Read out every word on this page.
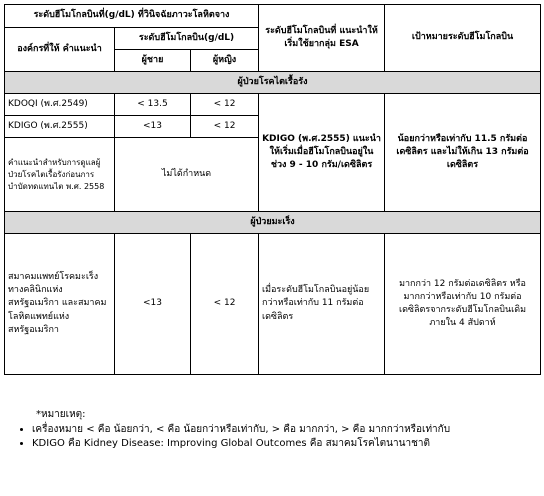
ระดับฮีโมโกลบินที่(g/dL) ที่วินิจฉัยภาวะโลหิตจาง			ระดับฮีโมโกลบินที่ แนะนำให้เริ่มใช้ยากลุ่ม ESA	เป้าหมายระดับฮีโมโกลบิน
องค์กรที่ให้ คำแนะนำ	ระดับฮีโมโกลบิน(g/dL)			
	ผู้ชาย	ผู้หญิง		
ผู้ป่วยโรคไตเรื้อรัง				
KDOQI (พ.ศ.2549)	< 13.5	< 12	KDIGO (พ.ศ.2555) แนะนำให้เริ่มเมื่อฮีโมโกลบินอยู่ในช่วง 9 - 10 กรัม/เดซิลิตร	น้อยกว่าหรือเท่ากับ 11.5 กรัมต่อเดซิลิตร และไม่ให้เกิน 13 กรัมต่อเดซิลิตร
KDIGO (พ.ศ.2555)	<13	< 12		
คำแนะนำสำหรับการดูแลผู้ป่วยโรคไตเรื้อรังก่อนการบำบัดทดแทนไต พ.ศ. 2558	ไม่ได้กำหนด			
ผู้ป่วยมะเร็ง				
สมาคมแพทย์โรคมะเร็งทางคลินิกแห่งสหรัฐอเมริกา และสมาคมโลหิตแพทย์แห่งสหรัฐอเมริกา	<13	< 12	เมื่อระดับฮีโมโกลบินอยู่น้อยกว่าหรือเท่ากับ 11 กรัมต่อเดซิลิตร	มากกว่า 12 กรัมต่อเดซิลิตร หรือ มากกว่าหรือเท่ากับ 10 กรัมต่อเดซิลิตรจากระดับฮีโมโกลบินเดิมภายใน 4 สัปดาห์
*หมายเหตุ:
• เครื่องหมาย < คือ น้อยกว่า, < คือ น้อยกว่าหรือเท่ากับ, > คือ มากกว่า, > คือ มากกว่าหรือเท่ากับ
• KDIGO คือ Kidney Disease: Improving Global Outcomes คือ สมาคมโรคไตนานาชาติ
